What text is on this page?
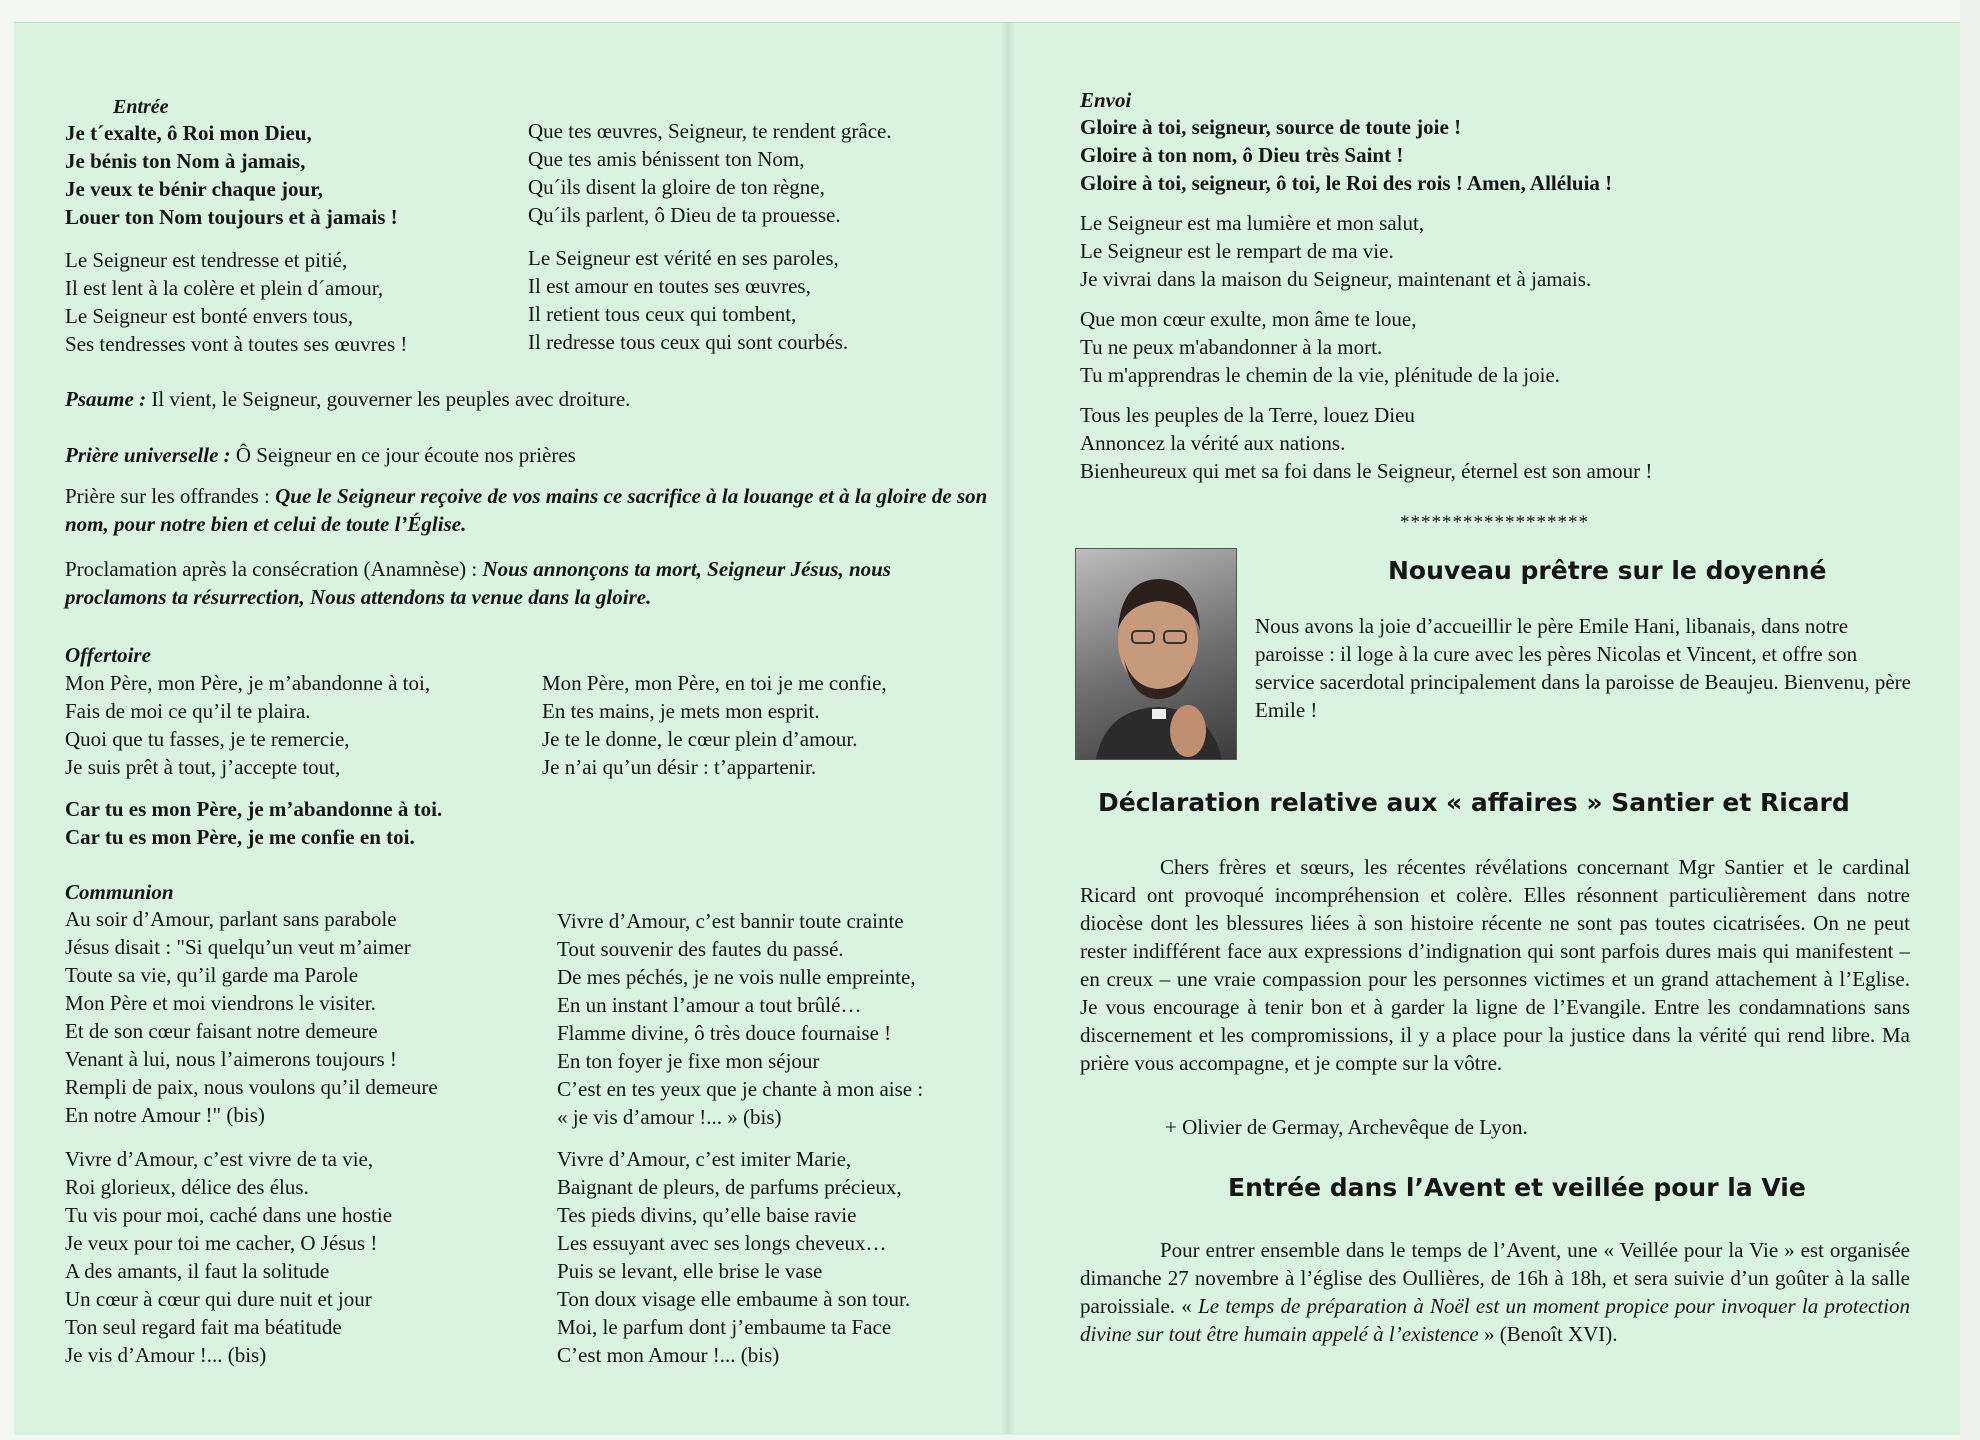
Entrée

Je t´exalte, ô Roi mon Dieu,
Je bénis ton Nom à jamais,
Je veux te bénir chaque jour,
Louer ton Nom toujours et à jamais !

Que tes œuvres, Seigneur, te rendent grâce.
Que tes amis bénissent ton Nom,
Qu´ils disent la gloire de ton règne,
Qu´ils parlent, ô Dieu de ta prouesse.

Le Seigneur est tendresse et pitié,
Il est lent à la colère et plein d´amour,
Le Seigneur est bonté envers tous,
Ses tendresses vont à toutes ses œuvres !

Le Seigneur est vérité en ses paroles,
Il est amour en toutes ses œuvres,
Il retient tous ceux qui tombent,
Il redresse tous ceux qui sont courbés.

Psaume : Il vient, le Seigneur, gouverner les peuples avec droiture.

Prière universelle : Ô Seigneur en ce jour écoute nos prières

Prière sur les offrandes : Que le Seigneur reçoive de vos mains ce sacrifice à la louange et à la gloire de son nom, pour notre bien et celui de toute l’Église.

Proclamation après la consécration (Anamnèse) : Nous annonçons ta mort, Seigneur Jésus, nous proclamons ta résurrection, Nous attendons ta venue dans la gloire.

Offertoire

Mon Père, mon Père, je m’abandonne à toi,
Fais de moi ce qu’il te plaira.
Quoi que tu fasses, je te remercie,
Je suis prêt à tout, j’accepte tout,

Mon Père, mon Père, en toi je me confie,
En tes mains, je mets mon esprit.
Je te le donne, le cœur plein d’amour.
Je n’ai qu’un désir : t’appartenir.

Car tu es mon Père, je m’abandonne à toi.
Car tu es mon Père, je me confie en toi.

Communion

Au soir d’Amour, parlant sans parabole
Jésus disait : "Si quelqu’un veut m’aimer
Toute sa vie, qu’il garde ma Parole
Mon Père et moi viendrons le visiter.
Et de son cœur faisant notre demeure
Venant à lui, nous l’aimerons toujours !
Rempli de paix, nous voulons qu’il demeure
En notre Amour !" (bis)

Vivre d’Amour, c’est bannir toute crainte
Tout souvenir des fautes du passé.
De mes péchés, je ne vois nulle empreinte,
En un instant l’amour a tout brûlé…
Flamme divine, ô très douce fournaise !
En ton foyer je fixe mon séjour
C’est en tes yeux que je chante à mon aise :
« je vis d’amour !... » (bis)

Vivre d’Amour, c’est vivre de ta vie,
Roi glorieux, délice des élus.
Tu vis pour moi, caché dans une hostie
Je veux pour toi me cacher, O Jésus !
A des amants, il faut la solitude
Un cœur à cœur qui dure nuit et jour
Ton seul regard fait ma béatitude
Je vis d’Amour !... (bis)

Vivre d’Amour, c’est imiter Marie,
Baignant de pleurs, de parfums précieux,
Tes pieds divins, qu’elle baise ravie
Les essuyant avec ses longs cheveux…
Puis se levant, elle brise le vase
Ton doux visage elle embaume à son tour.
Moi, le parfum dont j’embaume ta Face
C’est mon Amour !... (bis)

Envoi

Gloire à toi, seigneur, source de toute joie !
Gloire à ton nom, ô Dieu très Saint !
Gloire à toi, seigneur, ô toi, le Roi des rois ! Amen, Alléluia !

Le Seigneur est ma lumière et mon salut,
Le Seigneur est le rempart de ma vie.
Je vivrai dans la maison du Seigneur, maintenant et à jamais.

Que mon cœur exulte, mon âme te loue,
Tu ne peux m'abandonner à la mort.
Tu m'apprendras le chemin de la vie, plénitude de la joie.

Tous les peuples de la Terre, louez Dieu
Annoncez la vérité aux nations.
Bienheureux qui met sa foi dans le Seigneur, éternel est son amour !

******************
Nouveau prêtre sur le doyenné

Nous avons la joie d’accueillir le père Emile Hani, libanais, dans notre paroisse : il loge à la cure avec les pères Nicolas et Vincent, et offre son service sacerdotal principalement dans la paroisse de Beaujeu. Bienvenu, père Emile !

Déclaration relative aux « affaires » Santier et Ricard

Chers frères et sœurs, les récentes révélations concernant Mgr Santier et le cardinal Ricard ont provoqué incompréhension et colère. Elles résonnent particulièrement dans notre diocèse dont les blessures liées à son histoire récente ne sont pas toutes cicatrisées. On ne peut rester indifférent face aux expressions d’indignation qui sont parfois dures mais qui manifestent – en creux – une vraie compassion pour les personnes victimes et un grand attachement à l’Eglise. Je vous encourage à tenir bon et à garder la ligne de l’Evangile. Entre les condamnations sans discernement et les compromissions, il y a place pour la justice dans la vérité qui rend libre. Ma prière vous accompagne, et je compte sur la vôtre.

+ Olivier de Germay, Archevêque de Lyon.

Entrée dans l’Avent et veillée pour la Vie

Pour entrer ensemble dans le temps de l’Avent, une « Veillée pour la Vie » est organisée dimanche 27 novembre à l’église des Oullières, de 16h à 18h, et sera suivie d’un goûter à la salle paroissiale. « Le temps de préparation à Noël est un moment propice pour invoquer la protection divine sur tout être humain appelé à l’existence » (Benoît XVI).
